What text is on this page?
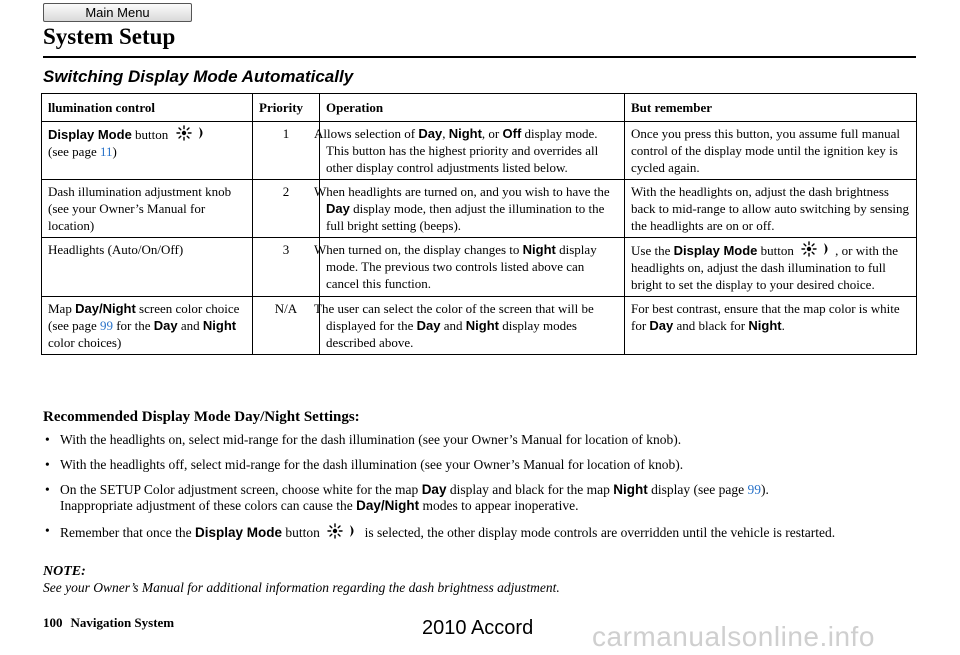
Main Menu
System Setup
Switching Display Mode Automatically
llumination control	Priority	Operation	But remember
Display Mode button

(see page 11)	1	Allows selection of Day, Night, or Off display mode. This button has the highest priority and overrides all other display control adjustments listed below.	Once you press this button, you assume full manual control of the display mode until the ignition key is cycled again.
Dash illumination adjustment knob (see your Owner’s Manual for location)	2	When headlights are turned on, and you wish to have the Day display mode, then adjust the illumination to the full bright setting (beeps).	With the headlights on, adjust the dash brightness back to mid-range to allow auto switching by sensing the headlights are on or off.
Headlights (Auto/On/Off)	3	When turned on, the display changes to Night display mode. The previous two controls listed above can cancel this function.	Use the Display Mode button , or with the headlights on, adjust the dash illumination to full bright to set the display to your desired choice.
Map Day/Night screen color choice (see page 99 for the Day and Night color choices)	N/A	The user can select the color of the screen that will be displayed for the Day and Night display modes described above.	For best contrast, ensure that the map color is white for Day and black for Night.
Recommended Display Mode Day/Night Settings:
• With the headlights on, select mid-range for the dash illumination (see your Owner’s Manual for location of knob).
• With the headlights off, select mid-range for the dash illumination (see your Owner’s Manual for location of knob).
• On the SETUP Color adjustment screen, choose white for the map Day display and black for the map Night display (see page 99).
Inappropriate adjustment of these colors can cause the Day/Night modes to appear inoperative.
• Remember that once the Display Mode button	is selected, the other display mode controls are overridden until the vehicle is restarted.
NOTE:
See your Owner’s Manual for additional information regarding the dash brightness adjustment.
100 Navigation System	2010 Accord carmanualsonline.info
